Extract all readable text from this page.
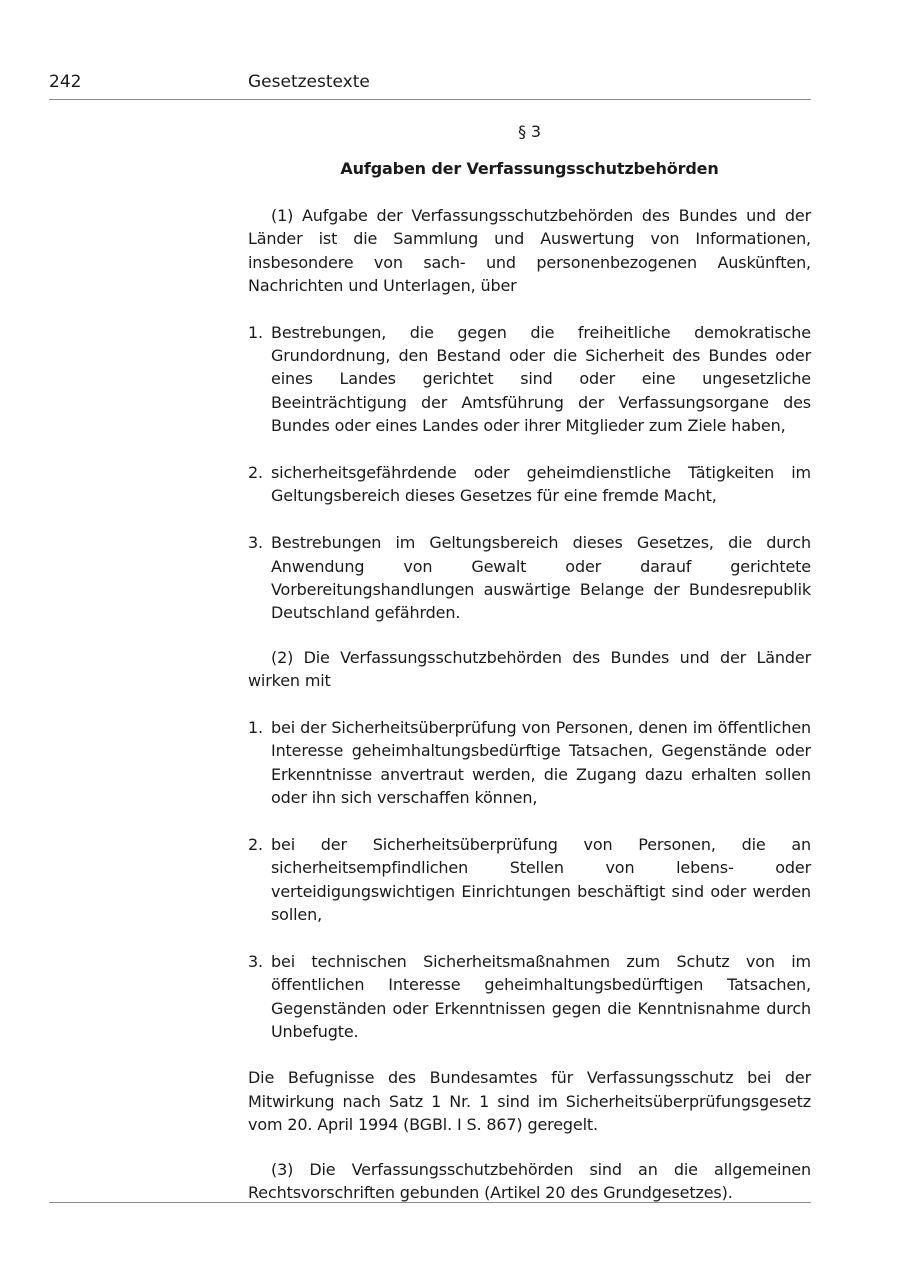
242	Gesetzestexte
§ 3
Aufgaben der Verfassungsschutzbehörden

(1) Aufgabe der Verfassungsschutzbehörden des Bundes und der Länder ist die Sammlung und Auswertung von Informationen, insbesondere von sach- und personenbezogenen Auskünften, Nachrichten und Unterlagen, über

1. Bestrebungen, die gegen die freiheitliche demokratische Grundordnung, den Bestand oder die Sicherheit des Bundes oder eines Landes gerichtet sind oder eine ungesetzliche Beeinträchtigung der Amtsführung der Verfassungsorgane des Bundes oder eines Landes oder ihrer Mitglieder zum Ziele haben,
2. sicherheitsgefährdende oder geheimdienstliche Tätigkeiten im Geltungsbereich dieses Gesetzes für eine fremde Macht,
3. Bestrebungen im Geltungsbereich dieses Gesetzes, die durch Anwendung von Gewalt oder darauf gerichtete Vorbereitungshandlungen auswärtige Belange der Bundesrepublik Deutschland gefährden.

(2) Die Verfassungsschutzbehörden des Bundes und der Länder wirken mit

1. bei der Sicherheitsüberprüfung von Personen, denen im öffentlichen Interesse geheimhaltungsbedürftige Tatsachen, Gegenstände oder Erkenntnisse anvertraut werden, die Zugang dazu erhalten sollen oder ihn sich verschaffen können,
2. bei der Sicherheitsüberprüfung von Personen, die an sicherheitsempfindlichen Stellen von lebens- oder verteidigungswichtigen Einrichtungen beschäftigt sind oder werden sollen,
3. bei technischen Sicherheitsmaßnahmen zum Schutz von im öffentlichen Interesse geheimhaltungsbedürftigen Tatsachen, Gegenständen oder Erkenntnissen gegen die Kenntnisnahme durch Unbefugte.

Die Befugnisse des Bundesamtes für Verfassungsschutz bei der Mitwirkung nach Satz 1 Nr. 1 sind im Sicherheitsüberprüfungsgesetz vom 20. April 1994 (BGBl. I S. 867) geregelt.

(3) Die Verfassungsschutzbehörden sind an die allgemeinen Rechtsvorschriften gebunden (Artikel 20 des Grundgesetzes).
